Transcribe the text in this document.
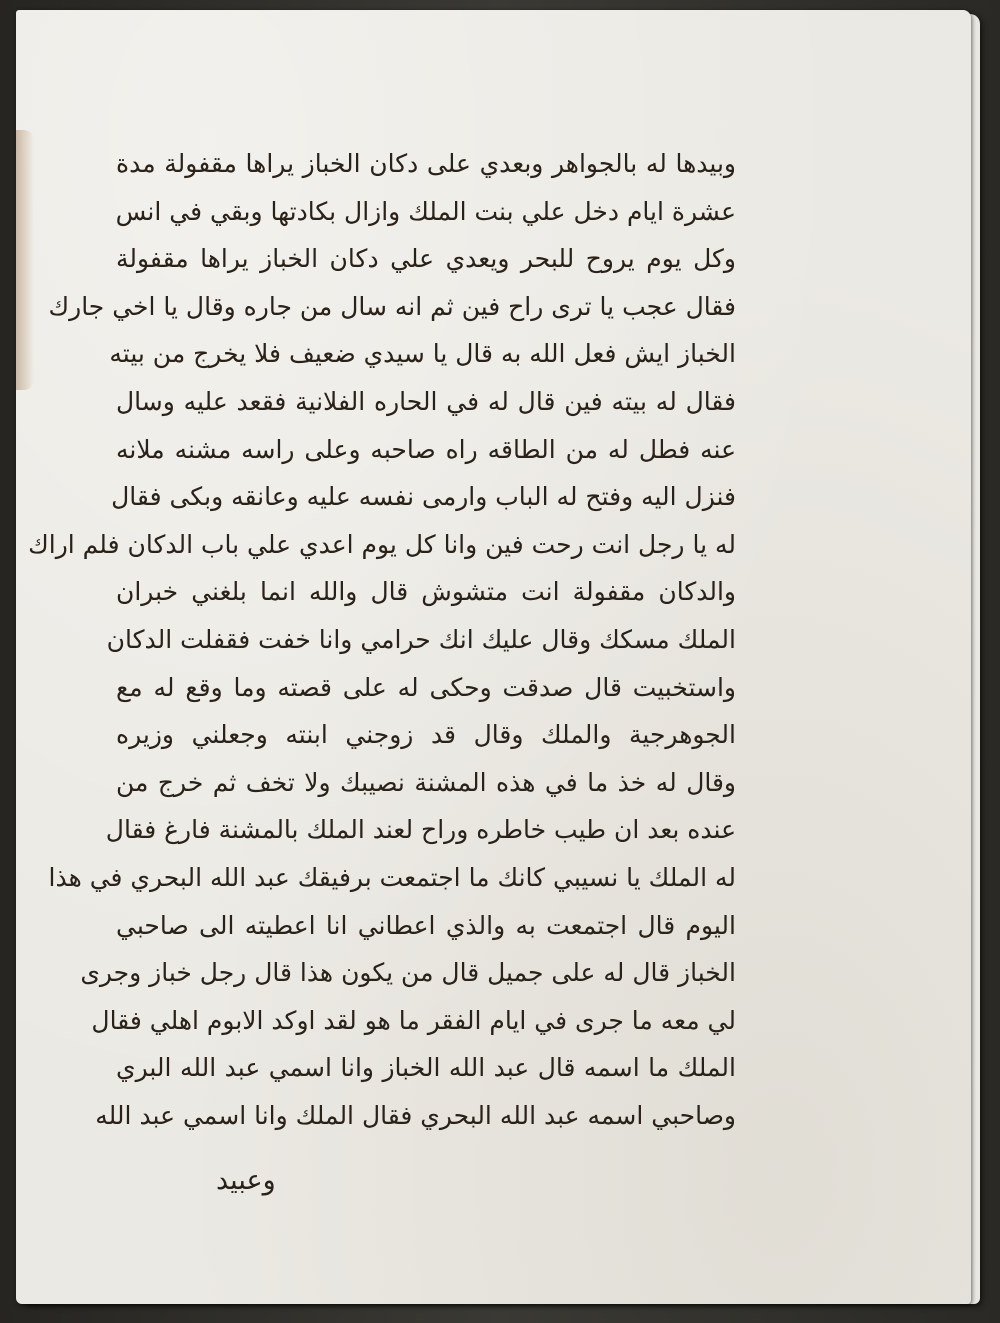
وبيدها له بالجواهر وبعدي على دكان الخباز يراها مقفولة مدة
عشرة ايام دخل علي بنت الملك وازال بكادتها وبقي في انس
وكل يوم يروح للبحر ويعدي علي دكان الخباز يراها مقفولة
فقال عجب يا ترى راح فين ثم انه سال من جاره وقال يا اخي جارك
الخباز ايش فعل الله به قال يا سيدي ضعيف فلا يخرج من بيته
فقال له بيته فين قال له في الحاره الفلانية فقعد عليه وسال
عنه فطل له من الطاقه راه صاحبه وعلى راسه مشنه ملانه
فنزل اليه وفتح له الباب وارمى نفسه عليه وعانقه وبكى فقال
له يا رجل انت رحت فين وانا كل يوم اعدي علي باب الدكان فلم اراك
والدكان مقفولة انت متشوش قال والله انما بلغني خبران
الملك مسكك وقال عليك انك حرامي وانا خفت فقفلت الدكان
واستخبيت قال صدقت وحكى له على قصته وما وقع له مع
الجوهرجية والملك وقال قد زوجني ابنته وجعلني وزيره
وقال له خذ ما في هذه المشنة نصيبك ولا تخف ثم خرج من
عنده بعد ان طيب خاطره وراح لعند الملك بالمشنة فارغ فقال
له الملك يا نسيبي كانك ما اجتمعت برفيقك عبد الله البحري في هذا
اليوم قال اجتمعت به والذي اعطاني انا اعطيته الى صاحبي
الخباز قال له على جميل قال من يكون هذا قال رجل خباز وجرى
لي معه ما جرى في ايام الفقر ما هو لقد اوكد الابوم اهلي فقال
الملك ما اسمه قال عبد الله الخباز وانا اسمي عبد الله البري
وصاحبي اسمه عبد الله البحري فقال الملك وانا اسمي عبد الله
وعبيد
